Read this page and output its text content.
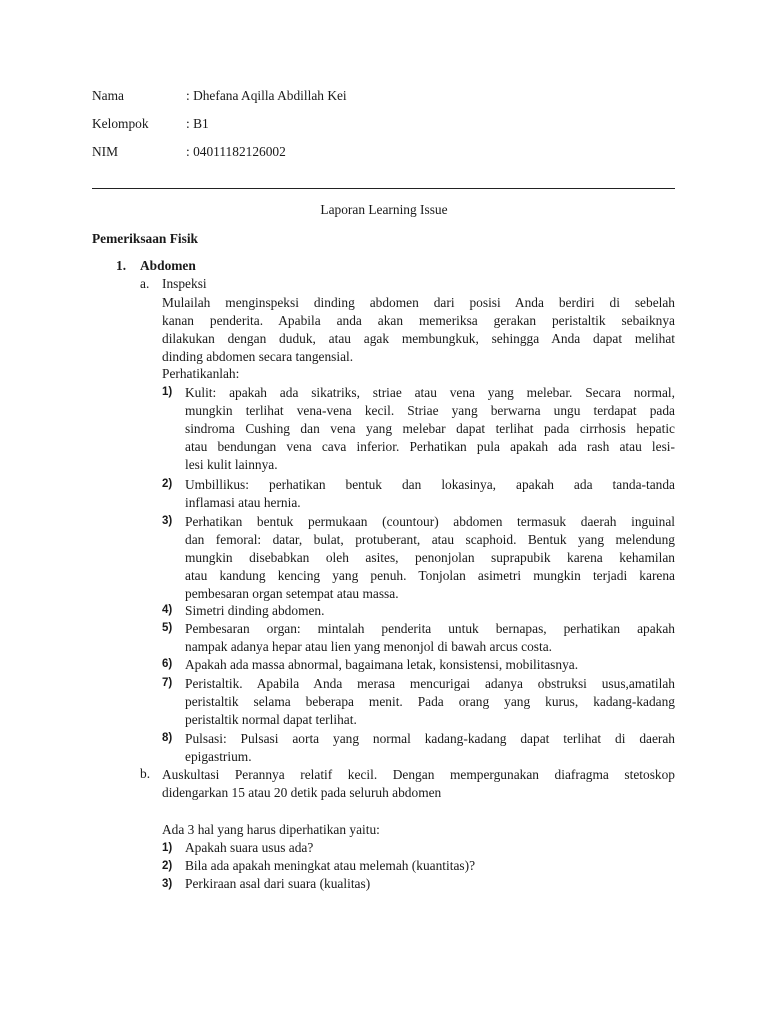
Nama	: Dhefana Aqilla Abdillah Kei
Kelompok	: B1
NIM	: 04011182126002
Laporan Learning Issue
Pemeriksaan Fisik
1. Abdomen
a. Inspeksi
Mulailah menginspeksi dinding abdomen dari posisi Anda berdiri di sebelah
kanan penderita. Apabila anda akan memeriksa gerakan peristaltik sebaiknya
dilakukan dengan duduk, atau agak membungkuk, sehingga Anda dapat melihat
dinding abdomen secara tangensial.
Perhatikanlah:
1) Kulit: apakah ada sikatriks, striae atau vena yang melebar. Secara normal,
mungkin terlihat vena-vena kecil. Striae yang berwarna ungu terdapat pada
sindroma Cushing dan vena yang melebar dapat terlihat pada cirrhosis hepatic
atau bendungan vena cava inferior. Perhatikan pula apakah ada rash atau lesi-
lesi kulit lainnya.
2) Umbillikus: perhatikan bentuk dan lokasinya, apakah ada tanda-tanda
inflamasi atau hernia.
3) Perhatikan bentuk permukaan (countour) abdomen termasuk daerah inguinal
dan femoral: datar, bulat, protuberant, atau scaphoid. Bentuk yang melendung
mungkin disebabkan oleh asites, penonjolan suprapubik karena kehamilan
atau kandung kencing yang penuh. Tonjolan asimetri mungkin terjadi karena
pembesaran organ setempat atau massa.
4) Simetri dinding abdomen.
5) Pembesaran organ: mintalah penderita untuk bernapas, perhatikan apakah
nampak adanya hepar atau lien yang menonjol di bawah arcus costa.
6) Apakah ada massa abnormal, bagaimana letak, konsistensi, mobilitasnya.
7) Peristaltik. Apabila Anda merasa mencurigai adanya obstruksi usus,amatilah
peristaltik selama beberapa menit. Pada orang yang kurus, kadang-kadang
peristaltik normal dapat terlihat.
8) Pulsasi: Pulsasi aorta yang normal kadang-kadang dapat terlihat di daerah
epigastrium.
b. Auskultasi Perannya relatif kecil. Dengan mempergunakan diafragma stetoskop
didengarkan 15 atau 20 detik pada seluruh abdomen
Ada 3 hal yang harus diperhatikan yaitu:
1) Apakah suara usus ada?
2) Bila ada apakah meningkat atau melemah (kuantitas)?
3) Perkiraan asal dari suara (kualitas)
